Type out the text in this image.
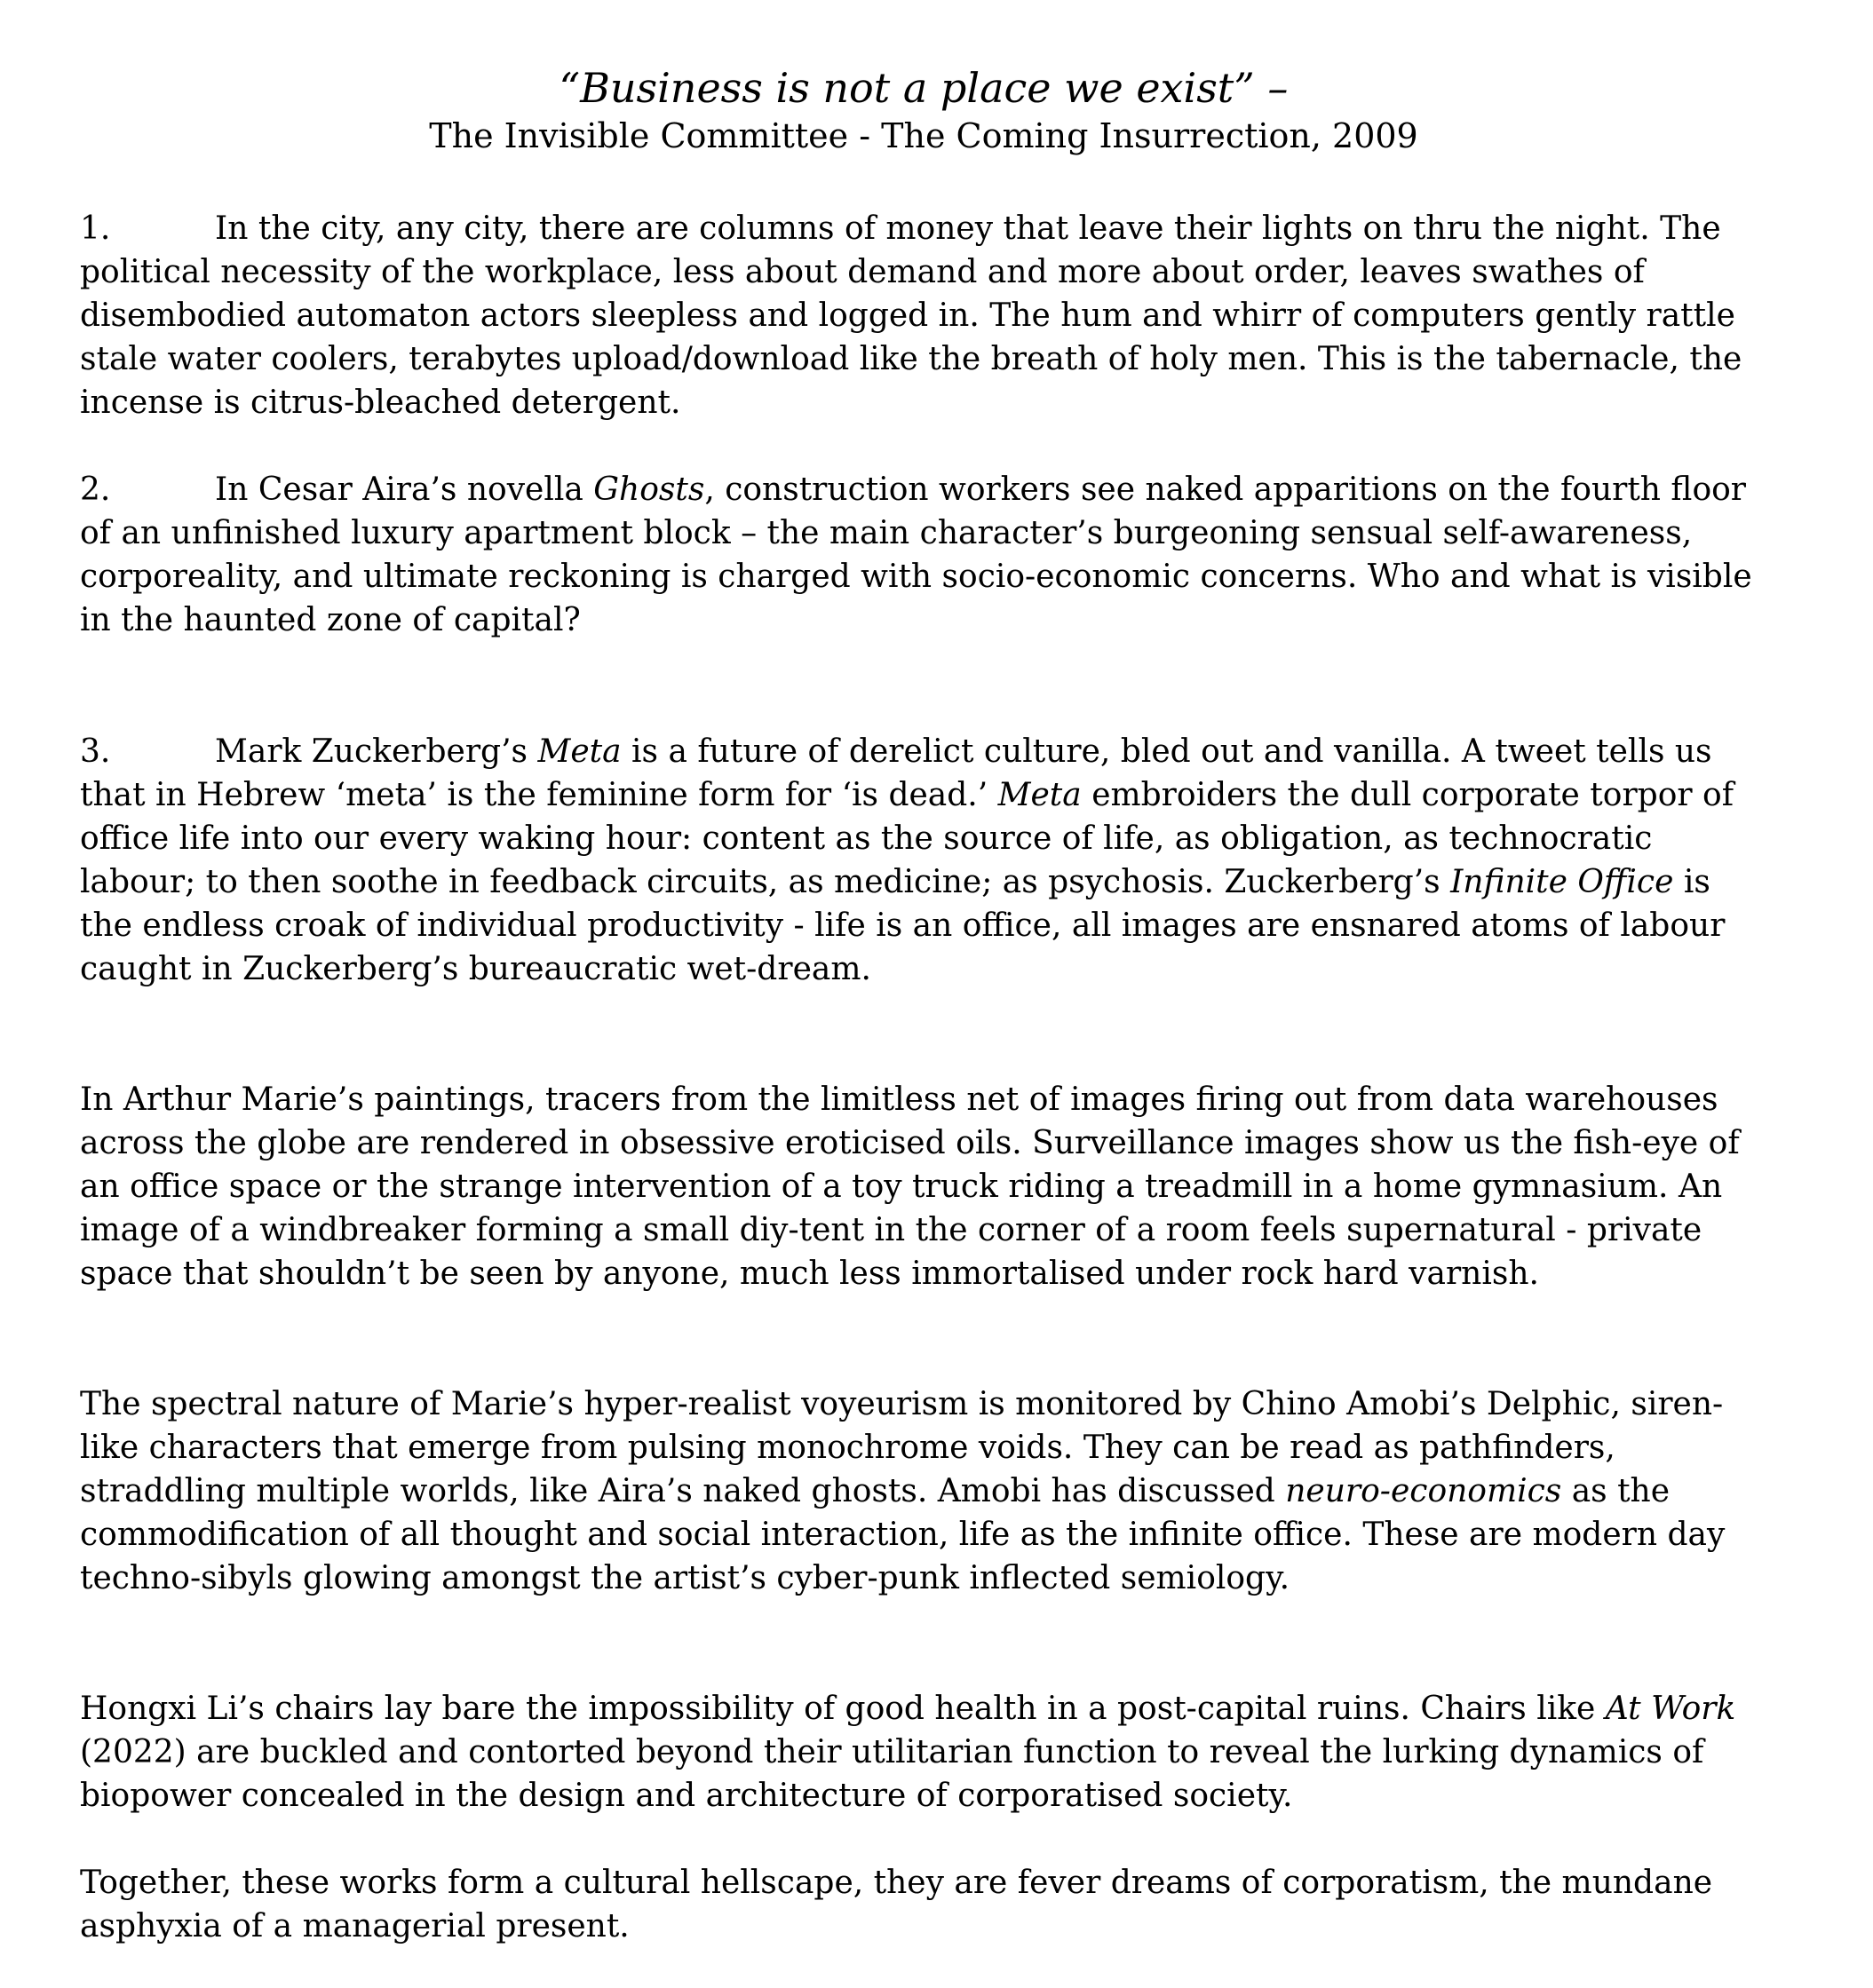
“Business is not a place we exist” –

The Invisible Committee - The Coming Insurrection, 2009

1.	In the city, any city, there are columns of money that leave their lights on thru the night. The political necessity of the workplace, less about demand and more about order, leaves swathes of disembodied automaton actors sleepless and logged in. The hum and whirr of computers gently rattle stale water coolers, terabytes upload/download like the breath of holy men. This is the tabernacle, the incense is citrus-bleached detergent.

2.	In Cesar Aira’s novella Ghosts, construction workers see naked apparitions on the fourth floor of an unfinished luxury apartment block – the main character’s burgeoning sensual self-awareness, corporeality, and ultimate reckoning is charged with socio-economic concerns. Who and what is visible in the haunted zone of capital?

3.	Mark Zuckerberg’s Meta is a future of derelict culture, bled out and vanilla. A tweet tells us that in Hebrew ‘meta’ is the feminine form for ‘is dead.’ Meta embroiders the dull corporate torpor of office life into our every waking hour: content as the source of life, as obligation, as technocratic labour; to then soothe in feedback circuits, as medicine; as psychosis. Zuckerberg’s Infinite Office is the endless croak of individual productivity - life is an office, all images are ensnared atoms of labour caught in Zuckerberg’s bureaucratic wet-dream.

In Arthur Marie’s paintings, tracers from the limitless net of images firing out from data warehouses across the globe are rendered in obsessive eroticised oils. Surveillance images show us the fish-eye of an office space or the strange intervention of a toy truck riding a treadmill in a home gymnasium. An image of a windbreaker forming a small diy-tent in the corner of a room feels supernatural - private space that shouldn’t be seen by anyone, much less immortalised under rock hard varnish.

The spectral nature of Marie’s hyper-realist voyeurism is monitored by Chino Amobi’s Delphic, siren-like characters that emerge from pulsing monochrome voids. They can be read as pathfinders, straddling multiple worlds, like Aira’s naked ghosts. Amobi has discussed neuro-economics as the commodification of all thought and social interaction, life as the infinite office. These are modern day techno-sibyls glowing amongst the artist’s cyber-punk inflected semiology.

Hongxi Li’s chairs lay bare the impossibility of good health in a post-capital ruins. Chairs like At Work (2022) are buckled and contorted beyond their utilitarian function to reveal the lurking dynamics of biopower concealed in the design and architecture of corporatised society.

Together, these works form a cultural hellscape, they are fever dreams of corporatism, the mundane asphyxia of a managerial present.
